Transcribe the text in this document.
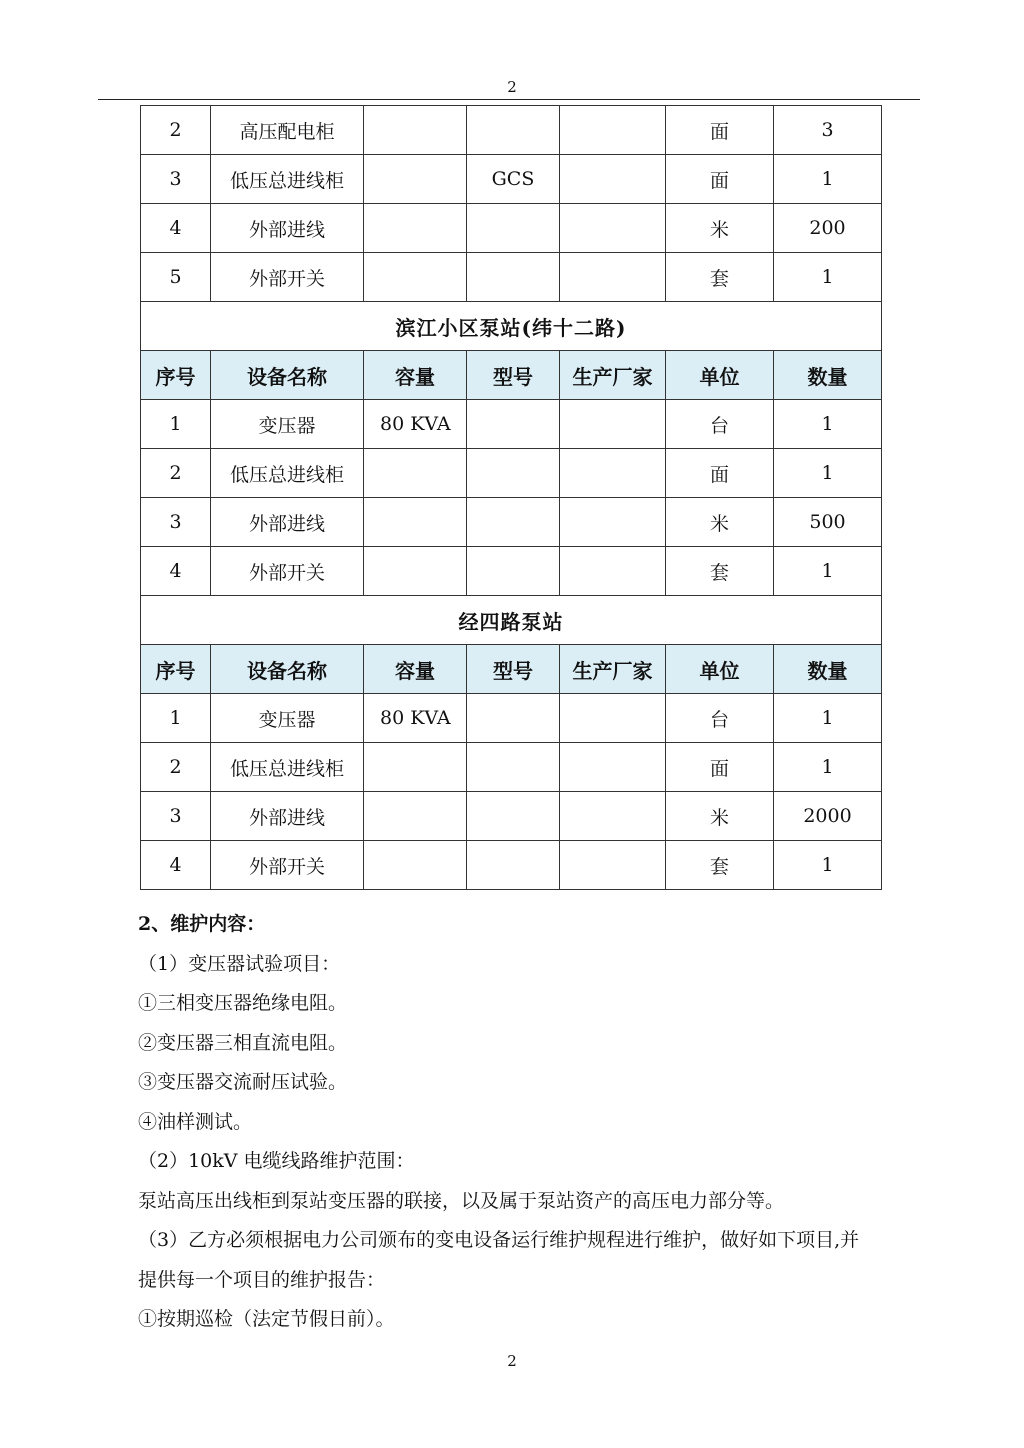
2
2	高压配电柜				面	3
3	低压总进线柜		GCS		面	1
4	外部进线				米	200
5	外部开关				套	1
滨江小区泵站(纬十二路)						
序号	设备名称	容量	型号	生产厂家	单位	数量
1	变压器	80 KVA			台	1
2	低压总进线柜				面	1
3	外部进线				米	500
4	外部开关				套	1
经四路泵站						
序号	设备名称	容量	型号	生产厂家	单位	数量
1	变压器	80 KVA			台	1
2	低压总进线柜				面	1
3	外部进线				米	2000
4	外部开关				套	1

2、维护内容：

（1）变压器试验项目：

①三相变压器绝缘电阻。

②变压器三相直流电阻。

③变压器交流耐压试验。

④油样测试。

（2）10kV 电缆线路维护范围：

泵站高压出线柜到泵站变压器的联接，以及属于泵站资产的高压电力部分等。

（3）乙方必须根据电力公司颁布的变电设备运行维护规程进行维护，做好如下项目,并

提供每一个项目的维护报告：

①按期巡检（法定节假日前）。

2
